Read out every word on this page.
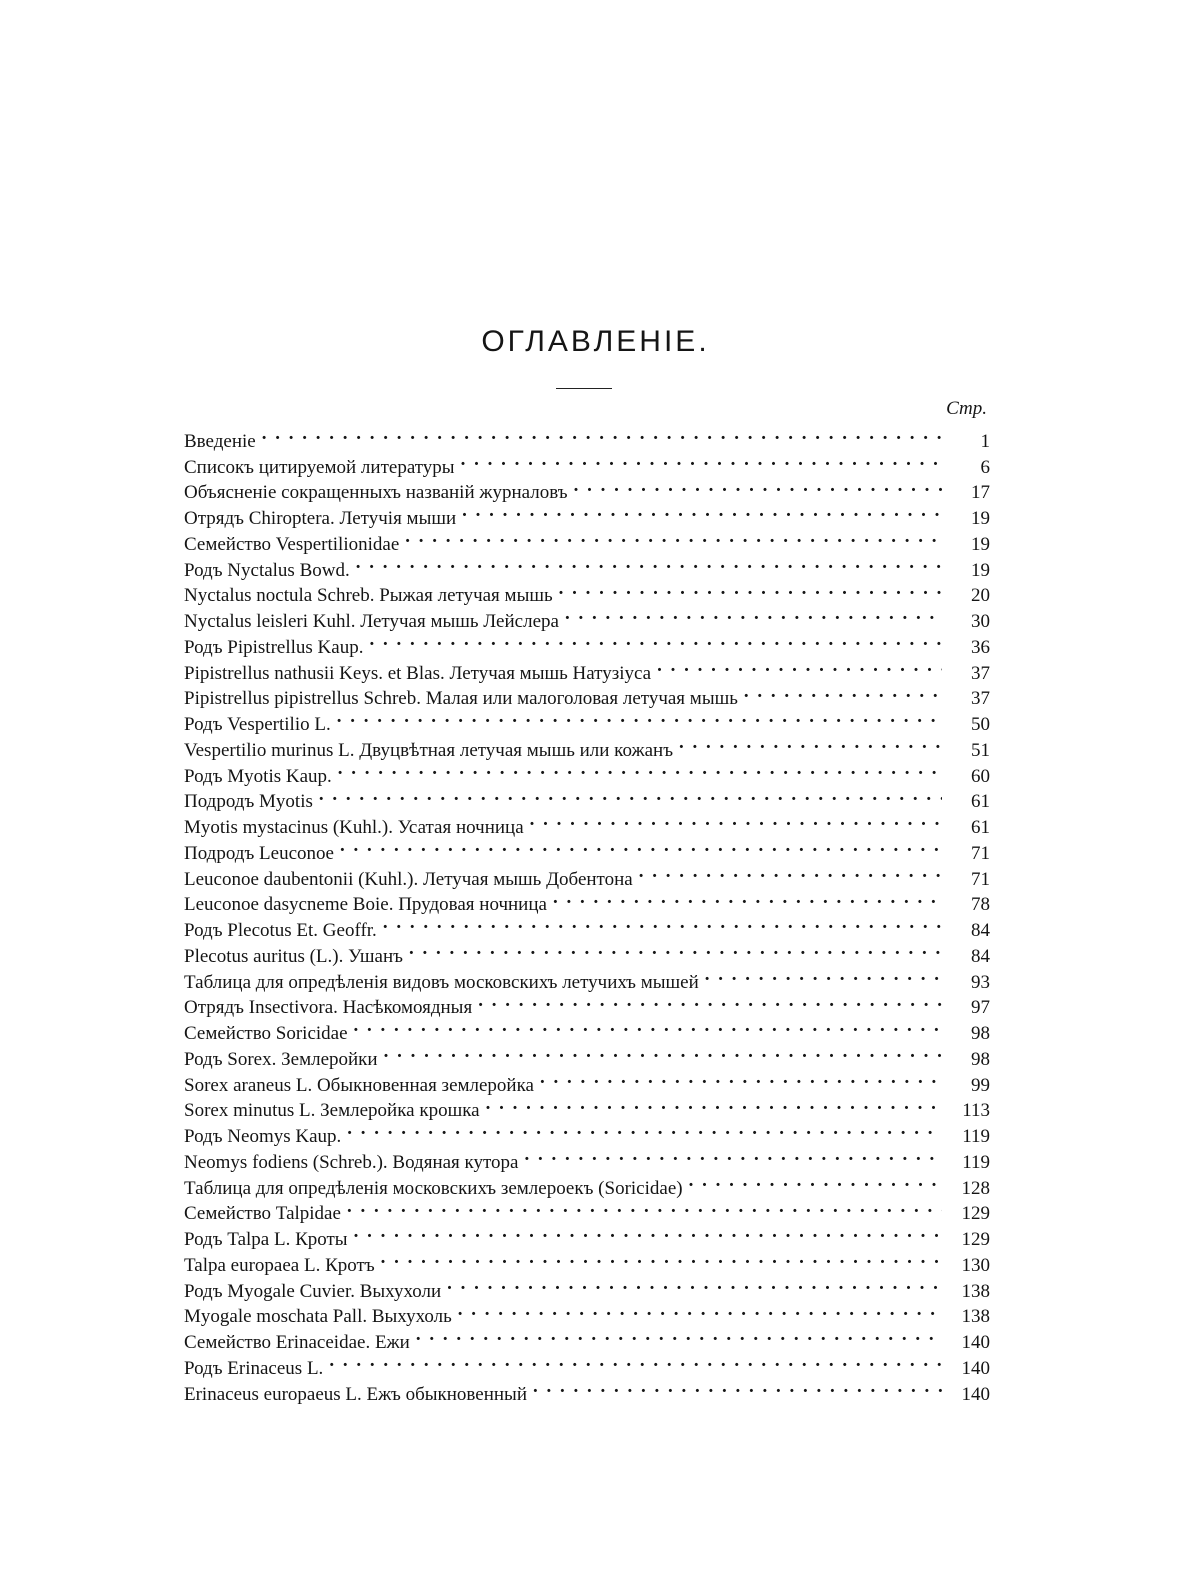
ОГЛАВЛЕНІЕ.
Стр.
Введеніе . . .	1
Списокъ цитируемой литературы . . .	6
Объясненіе сокращенныхъ названій журналовъ . . .	17
Отрядъ Chiroptera. Летучія мыши . . .	19
Семейство Vespertilionidae . . .	19
Родъ Nyctalus Bowd. . . .	19
Nyctalus noctula Schreb. Рыжая летучая мышь . . .	20
Nyctalus leisleri Kuhl. Летучая мышь Лейслера . . .	30
Родъ Pipistrellus Kaup. . . .	36
Pipistrellus nathusii Keys. et Blas. Летучая мышь Натузіуса . . .	37
Pipistrellus pipistrellus Schreb. Малая или малоголовая летучая мышь . . .	37
Родъ Vespertilio L. . . .	50
Vespertilio murinus L. Двуцвѣтная летучая мышь или кожанъ . . .	51
Родъ Myotis Kaup. . . .	60
Подродъ Myotis . . .	61
Myotis mystacinus (Kuhl.). Усатая ночница . . .	61
Подродъ Leuconoe . . .	71
Leuconoe daubentonii (Kuhl.). Летучая мышь Добентона . . .	71
Leuconoe dasycneme Boie. Прудовая ночница . . .	78
Родъ Plecotus Et. Geoffr. . . .	84
Plecotus auritus (L.). Ушанъ . . .	84
Таблица для опредѣленія видовъ московскихъ летучихъ мышей . . .	93
Отрядъ Insectivora. Насѣкомоядныя . . .	97
Семейство Soricidae . . .	98
Родъ Sorex. Землеройки . . .	98
Sorex araneus L. Обыкновенная землеройка . . .	99
Sorex minutus L. Землеройка крошка . . .	113
Родъ Neomys Kaup. . . .	119
Neomys fodiens (Schreb.). Водяная кутора . . .	119
Таблица для опредѣленія московскихъ землероекъ (Soricidae) . . .	128
Семейство Talpidae . . .	129
Родъ Talpa L. Кроты . . .	129
Talpa europaea L. Кротъ . . .	130
Родъ Myogale Cuvier. Выхухоли . . .	138
Myogale moschata Pall. Выхухоль . . .	138
Семейство Erinaceidae. Ежи . . .	140
Родъ Erinaceus L. . . .	140
Erinaceus europaeus L. Ежъ обыкновенный . . .	140
